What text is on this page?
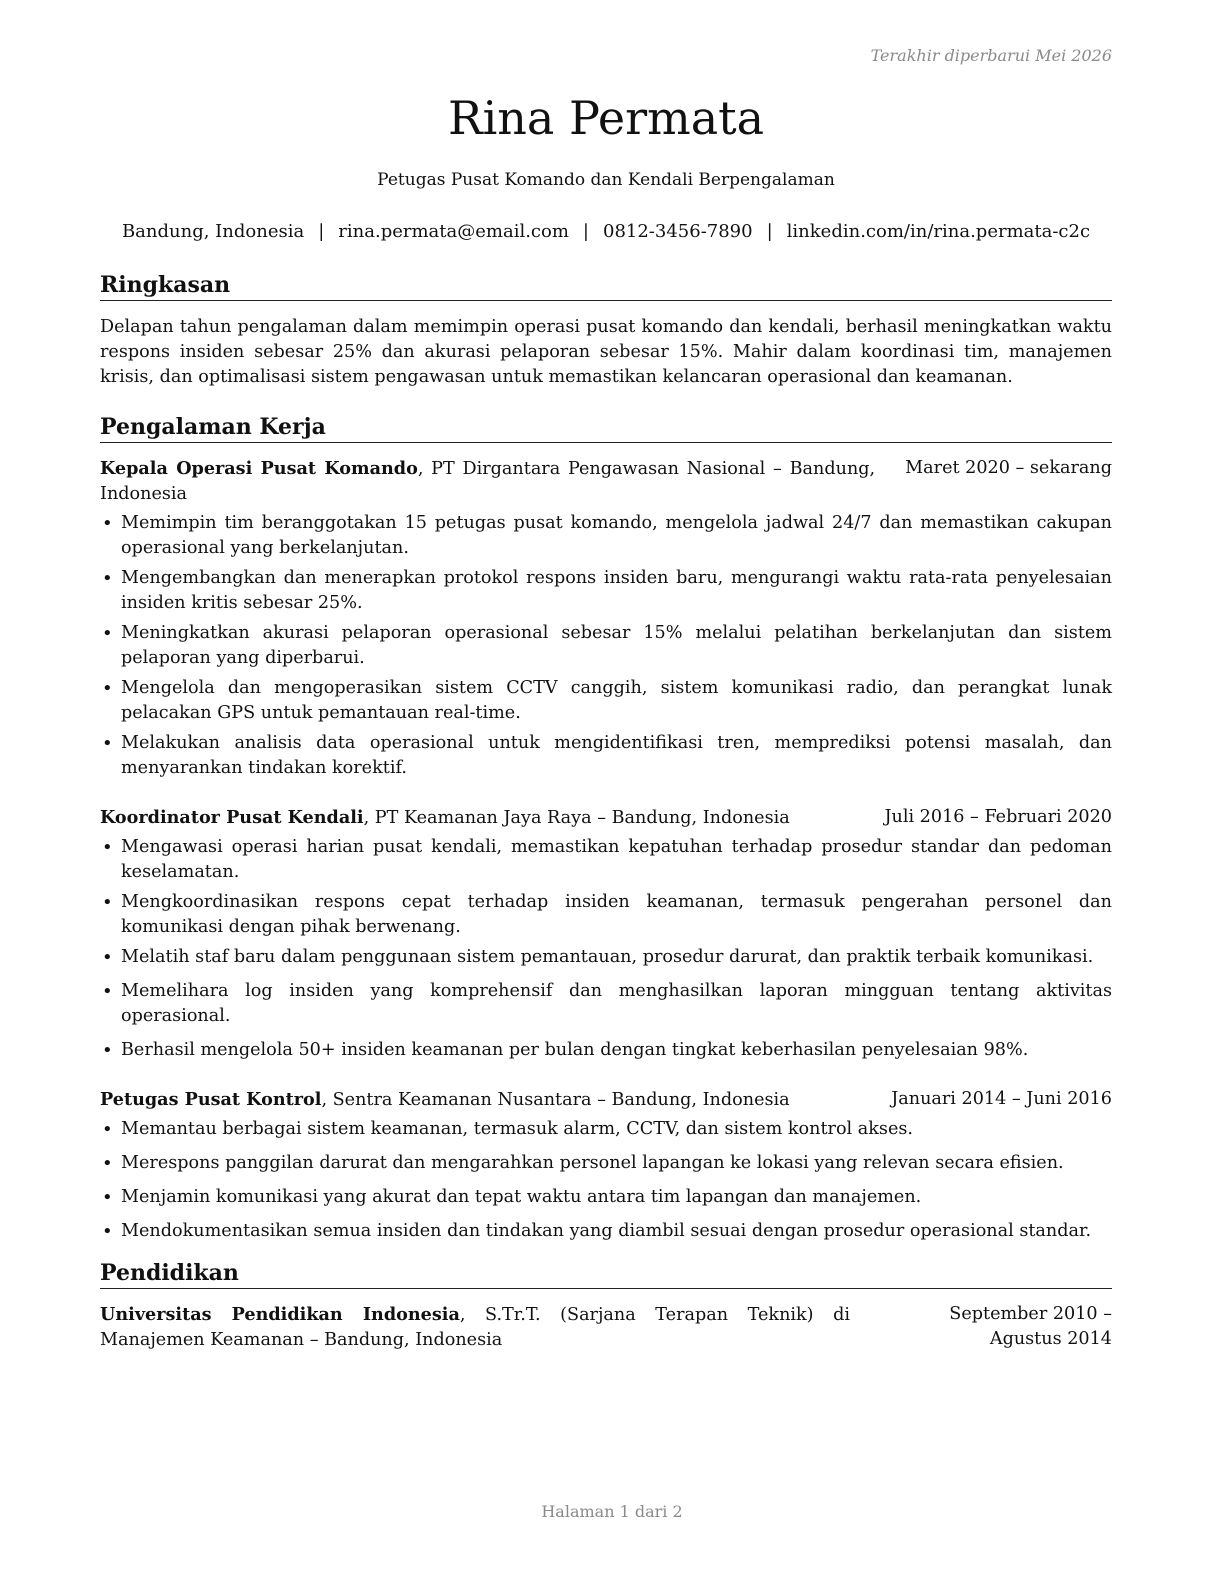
Terakhir diperbarui Mei 2026
Rina Permata
Petugas Pusat Komando dan Kendali Berpengalaman
Bandung, Indonesia | rina.permata@email.com | 0812-3456-7890 | linkedin.com/in/rina.permata-c2c
Ringkasan

Delapan tahun pengalaman dalam memimpin operasi pusat komando dan kendali, berhasil meningkatkan waktu respons insiden sebesar 25% dan akurasi pelaporan sebesar 15%. Mahir dalam koordinasi tim, manajemen krisis, dan optimalisasi sistem pengawasan untuk memastikan kelancaran operasional dan keamanan.

Pengalaman Kerja
Kepala Operasi Pusat Komando, PT Dirgantara Pengawasan Nasional – Bandung, Indonesia
Maret 2020 – sekarang
• Memimpin tim beranggotakan 15 petugas pusat komando, mengelola jadwal 24/7 dan memastikan cakupan operasional yang berkelanjutan.
• Mengembangkan dan menerapkan protokol respons insiden baru, mengurangi waktu rata-rata penyelesaian insiden kritis sebesar 25%.
• Meningkatkan akurasi pelaporan operasional sebesar 15% melalui pelatihan berkelanjutan dan sistem pelaporan yang diperbarui.
• Mengelola dan mengoperasikan sistem CCTV canggih, sistem komunikasi radio, dan perangkat lunak pelacakan GPS untuk pemantauan real-time.
• Melakukan analisis data operasional untuk mengidentifikasi tren, memprediksi potensi masalah, dan menyarankan tindakan korektif.
Koordinator Pusat Kendali, PT Keamanan Jaya Raya – Bandung, Indonesia	Juli 2016 – Februari 2020
• Mengawasi operasi harian pusat kendali, memastikan kepatuhan terhadap prosedur standar dan pedoman keselamatan.
• Mengkoordinasikan respons cepat terhadap insiden keamanan, termasuk pengerahan personel dan komunikasi dengan pihak berwenang.
• Melatih staf baru dalam penggunaan sistem pemantauan, prosedur darurat, dan praktik terbaik komunikasi.
• Memelihara log insiden yang komprehensif dan menghasilkan laporan mingguan tentang aktivitas operasional.
• Berhasil mengelola 50+ insiden keamanan per bulan dengan tingkat keberhasilan penyelesaian 98%.
Petugas Pusat Kontrol, Sentra Keamanan Nusantara – Bandung, Indonesia	Januari 2014 – Juni 2016
• Memantau berbagai sistem keamanan, termasuk alarm, CCTV, dan sistem kontrol akses.
• Merespons panggilan darurat dan mengarahkan personel lapangan ke lokasi yang relevan secara efisien.
• Menjamin komunikasi yang akurat dan tepat waktu antara tim lapangan dan manajemen.
• Mendokumentasikan semua insiden dan tindakan yang diambil sesuai dengan prosedur operasional standar.
Pendidikan
Universitas Pendidikan Indonesia, S.Tr.T. (Sarjana Terapan Teknik) di Manajemen Keamanan – Bandung, Indonesia
September 2010 – Agustus 2014
Halaman 1 dari 2
